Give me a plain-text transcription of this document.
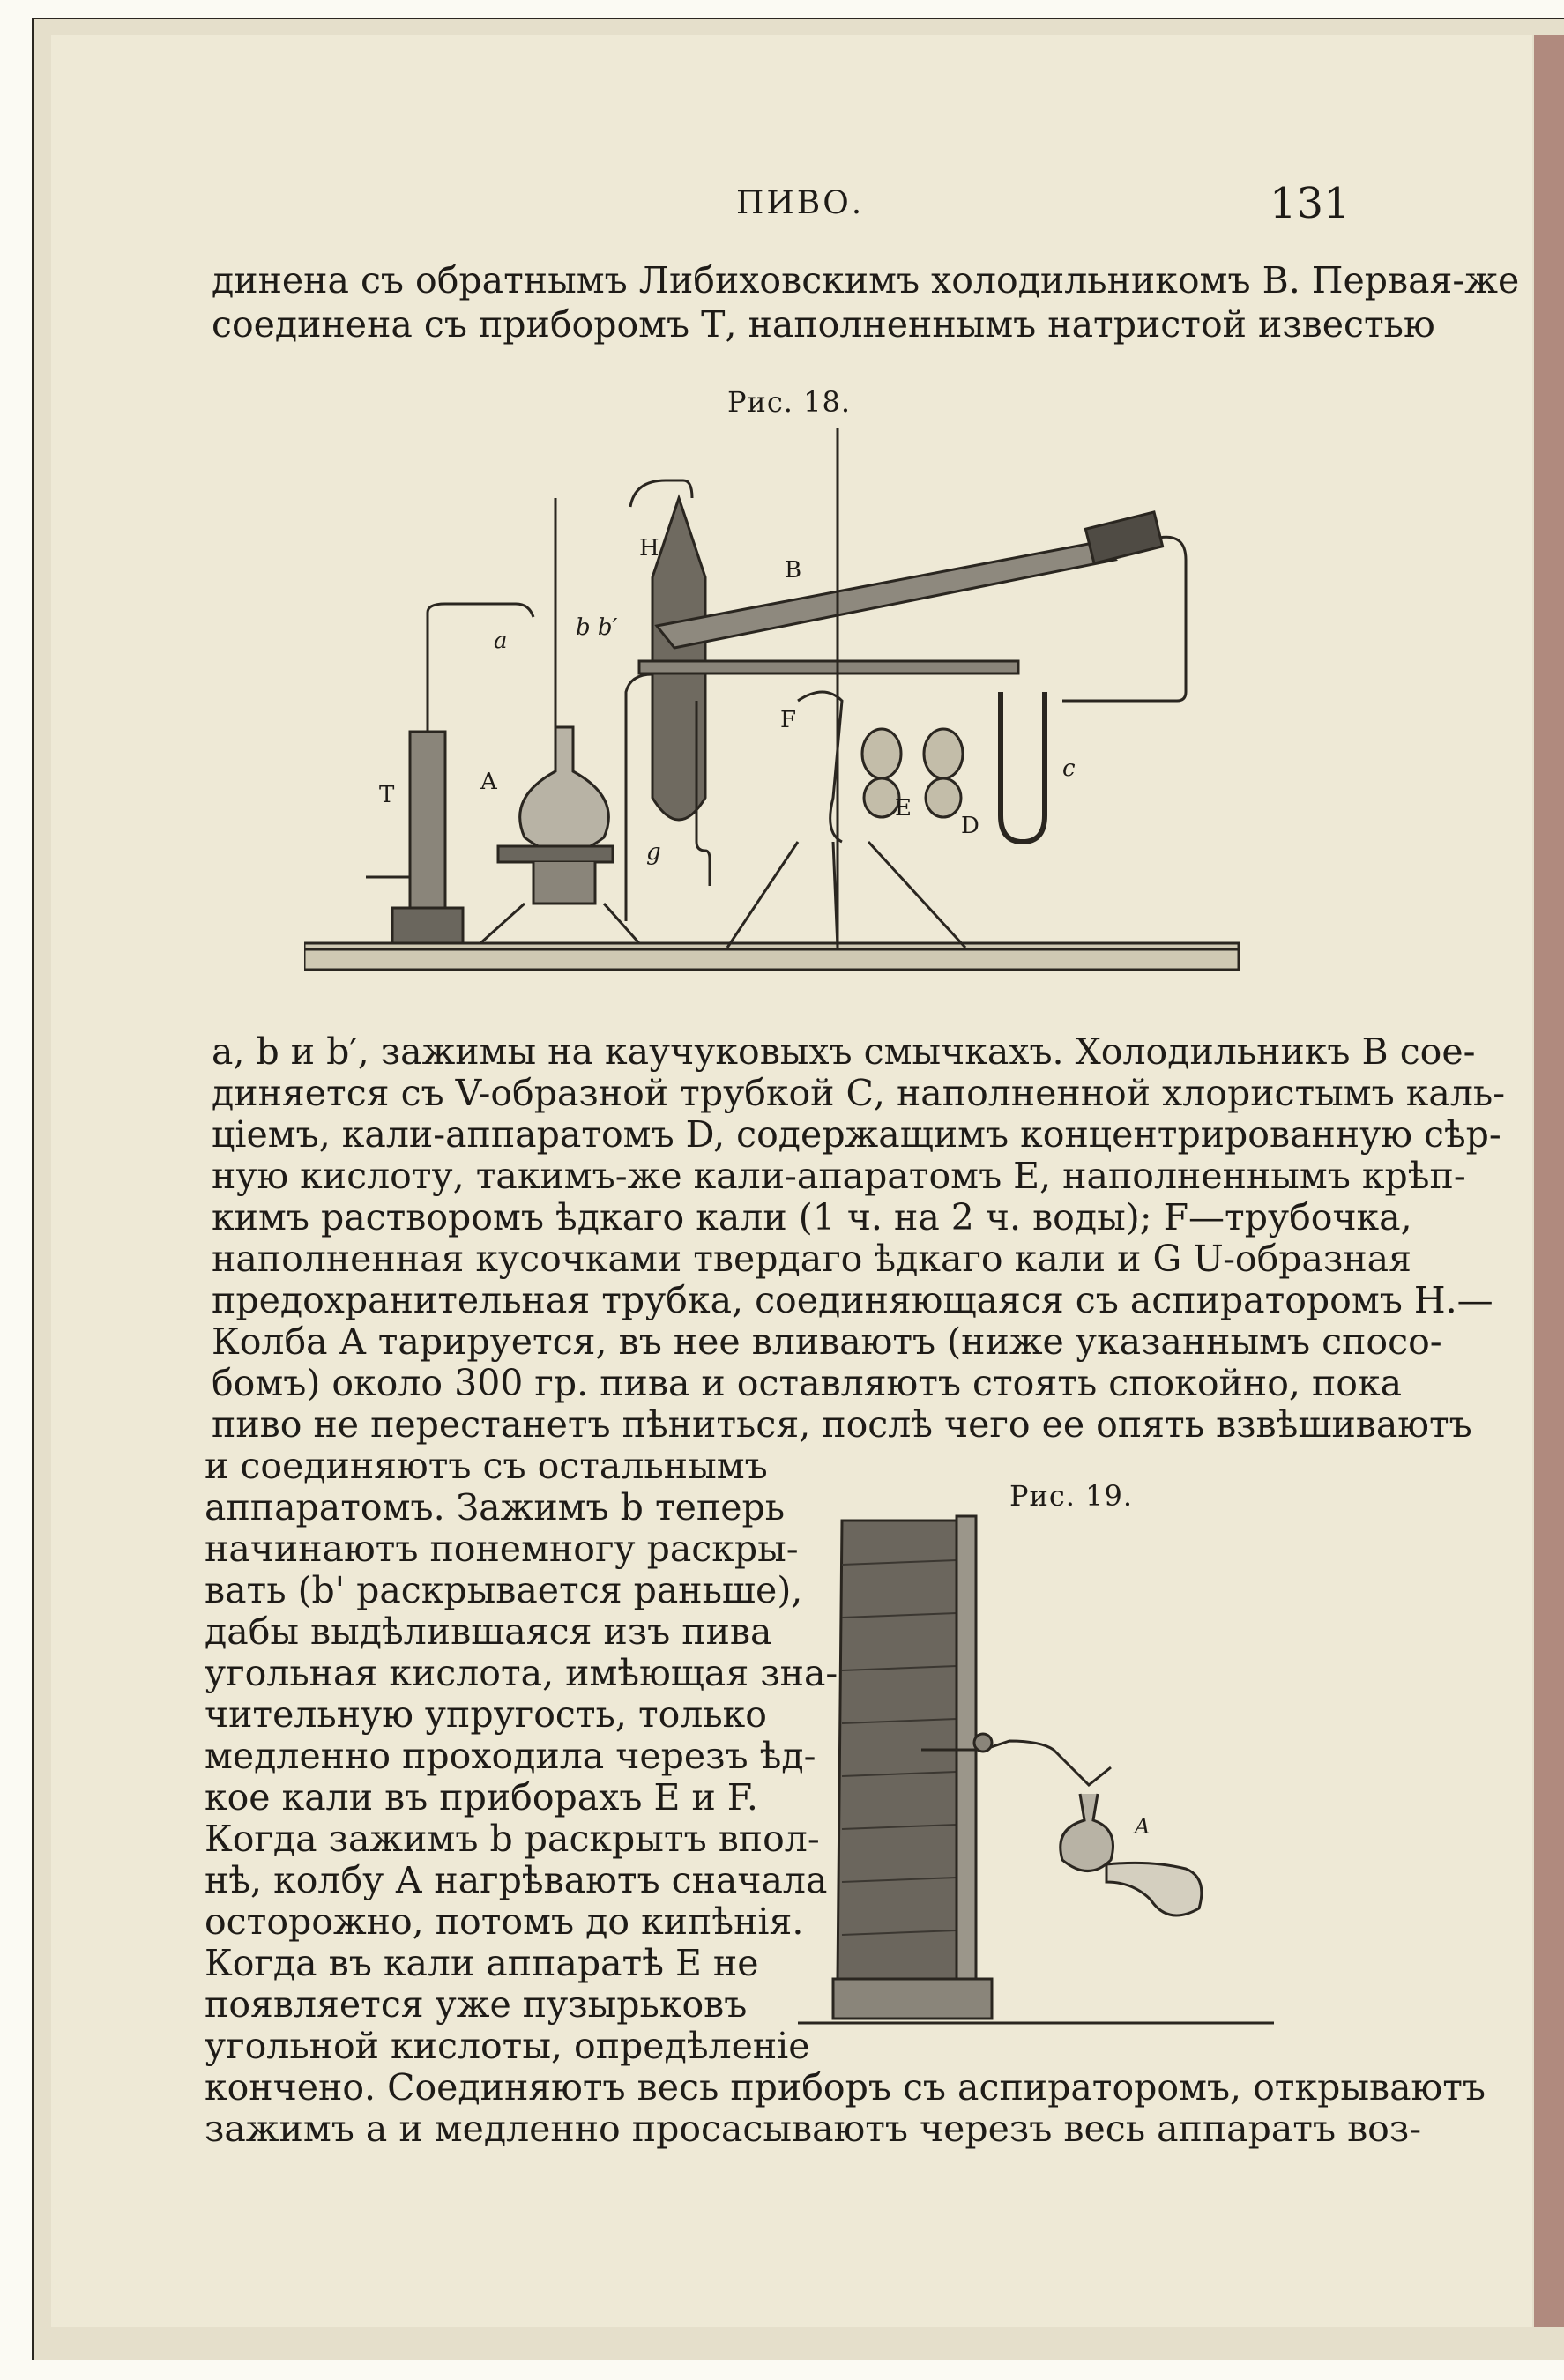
ПИВО.	131
динена съ обратнымъ Либиховскимъ холодильникомъ В. Первая-же
соединена съ приборомъ Т, наполненнымъ натристой известью
Рис. 18.
H
B
a	b b′
F
T	A
E
D
c
g
a, b и b′, зажимы на каучуковыхъ смычкахъ. Холодильникъ В сое-
диняется съ V-образной трубкой С, наполненной хлористымъ каль-
ціемъ, кали-аппаратомъ D, содержащимъ концентрированную сѣр-
ную кислоту, такимъ-же кали-апаратомъ Е, наполненнымъ крѣп-
кимъ растворомъ ѣдкаго кали (1 ч. на 2 ч. воды); F—трубочка,
наполненная кусочками твердаго ѣдкаго кали и G U-образная
предохранительная трубка, соединяющаяся съ аспираторомъ Н.—
Колба А тарируется, въ нее вливаютъ (ниже указаннымъ спосо-
бомъ) около 300 гр. пива и оставляютъ стоять спокойно, пока
пиво не перестанетъ пѣниться, послѣ чего ее опять взвѣшиваютъ
и соединяютъ съ остальнымъ
аппаратомъ. Зажимъ b теперь
начинаютъ понемногу раскры-
вать (b' раскрывается раньше),
дабы выдѣлившаяся изъ пива
угольная кислота, имѣющая зна-
чительную упругость, только
медленно проходила черезъ ѣд-
кое кали въ приборахъ Е и F.
Когда зажимъ b раскрытъ впол-
нѣ, колбу А нагрѣваютъ сначала
осторожно, потомъ до кипѣнія.
Когда въ кали аппаратѣ Е не
появляется уже пузырьковъ
угольной кислоты, опредѣленіе
Рис. 19.
A
кончено. Соединяютъ весь приборъ съ аспираторомъ, открываютъ
зажимъ а и медленно просасываютъ черезъ весь аппаратъ воз-
